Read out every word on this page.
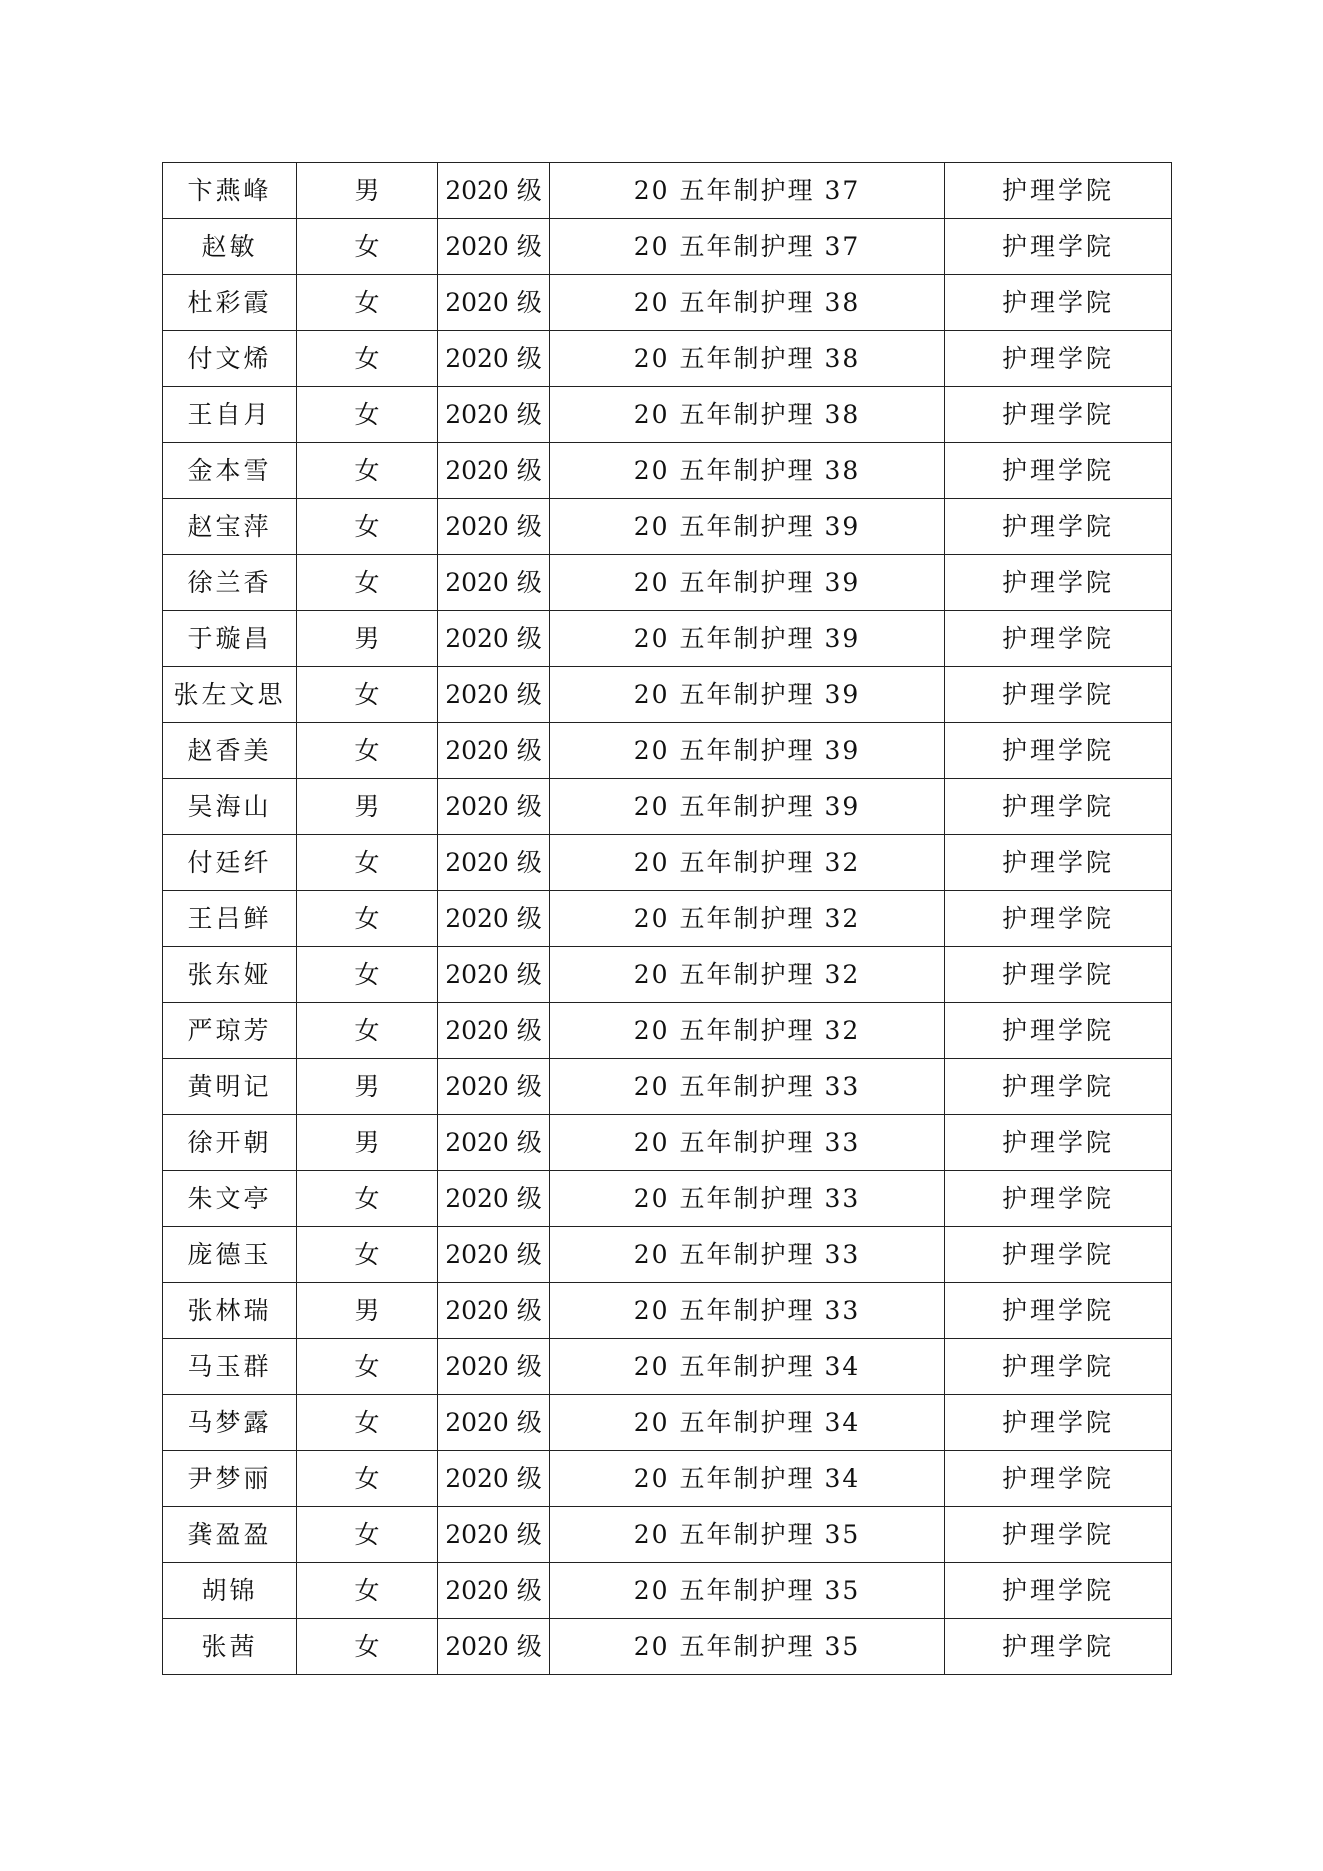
卞燕峰	男	2020 级	20 五年制护理 37	护理学院
赵敏	女	2020 级	20 五年制护理 37	护理学院
杜彩霞	女	2020 级	20 五年制护理 38	护理学院
付文烯	女	2020 级	20 五年制护理 38	护理学院
王自月	女	2020 级	20 五年制护理 38	护理学院
金本雪	女	2020 级	20 五年制护理 38	护理学院
赵宝萍	女	2020 级	20 五年制护理 39	护理学院
徐兰香	女	2020 级	20 五年制护理 39	护理学院
于璇昌	男	2020 级	20 五年制护理 39	护理学院
张左文思	女	2020 级	20 五年制护理 39	护理学院
赵香美	女	2020 级	20 五年制护理 39	护理学院
吴海山	男	2020 级	20 五年制护理 39	护理学院
付廷纤	女	2020 级	20 五年制护理 32	护理学院
王吕鲜	女	2020 级	20 五年制护理 32	护理学院
张东娅	女	2020 级	20 五年制护理 32	护理学院
严琼芳	女	2020 级	20 五年制护理 32	护理学院
黄明记	男	2020 级	20 五年制护理 33	护理学院
徐开朝	男	2020 级	20 五年制护理 33	护理学院
朱文亭	女	2020 级	20 五年制护理 33	护理学院
庞德玉	女	2020 级	20 五年制护理 33	护理学院
张林瑞	男	2020 级	20 五年制护理 33	护理学院
马玉群	女	2020 级	20 五年制护理 34	护理学院
马梦露	女	2020 级	20 五年制护理 34	护理学院
尹梦丽	女	2020 级	20 五年制护理 34	护理学院
龚盈盈	女	2020 级	20 五年制护理 35	护理学院
胡锦	女	2020 级	20 五年制护理 35	护理学院
张茜	女	2020 级	20 五年制护理 35	护理学院
